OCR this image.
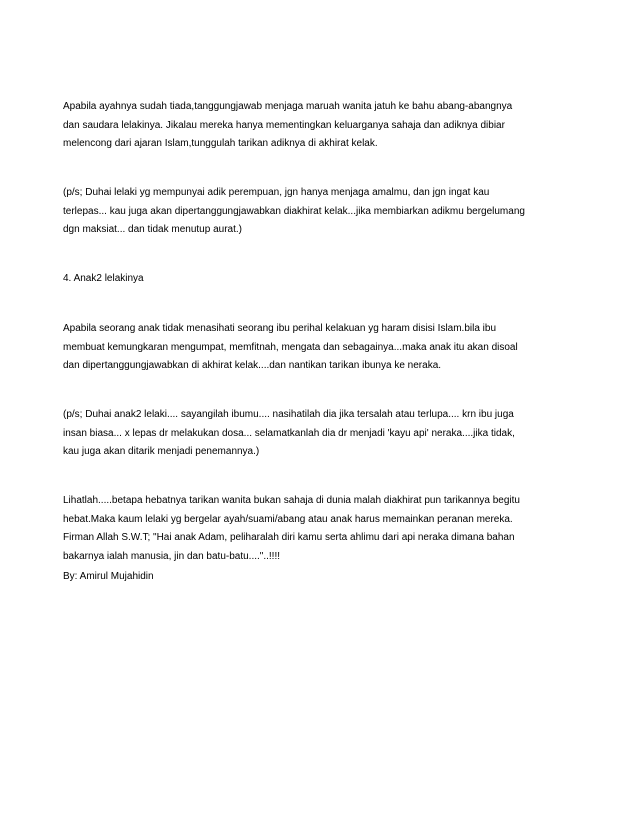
Apabila ayahnya sudah tiada,tanggungjawab menjaga maruah wanita jatuh ke bahu abang-abangnya
dan saudara lelakinya. Jikalau mereka hanya mementingkan keluarganya sahaja dan adiknya dibiar
melencong dari ajaran Islam,tunggulah tarikan adiknya di akhirat kelak.
(p/s; Duhai lelaki yg mempunyai adik perempuan, jgn hanya menjaga amalmu, dan jgn ingat kau
terlepas... kau juga akan dipertanggungjawabkan diakhirat kelak...jika membiarkan adikmu bergelumang
dgn maksiat... dan tidak menutup aurat.)
4. Anak2 lelakinya
Apabila seorang anak tidak menasihati seorang ibu perihal kelakuan yg haram disisi Islam.bila ibu
membuat kemungkaran mengumpat, memfitnah, mengata dan sebagainya...maka anak itu akan disoal
dan dipertanggungjawabkan di akhirat kelak....dan nantikan tarikan ibunya ke neraka.
(p/s; Duhai anak2 lelaki.... sayangilah ibumu.... nasihatilah dia jika tersalah atau terlupa.... krn ibu juga
insan biasa... x lepas dr melakukan dosa... selamatkanlah dia dr menjadi 'kayu api' neraka....jika tidak,
kau juga akan ditarik menjadi penemannya.)
Lihatlah.....betapa hebatnya tarikan wanita bukan sahaja di dunia malah diakhirat pun tarikannya begitu
hebat.Maka kaum lelaki yg bergelar ayah/suami/abang atau anak harus memainkan peranan mereka.
Firman Allah S.W.T; "Hai anak Adam, peliharalah diri kamu serta ahlimu dari api neraka dimana bahan
bakarnya ialah manusia, jin dan batu-batu...."..!!!!
By: Amirul Mujahidin
